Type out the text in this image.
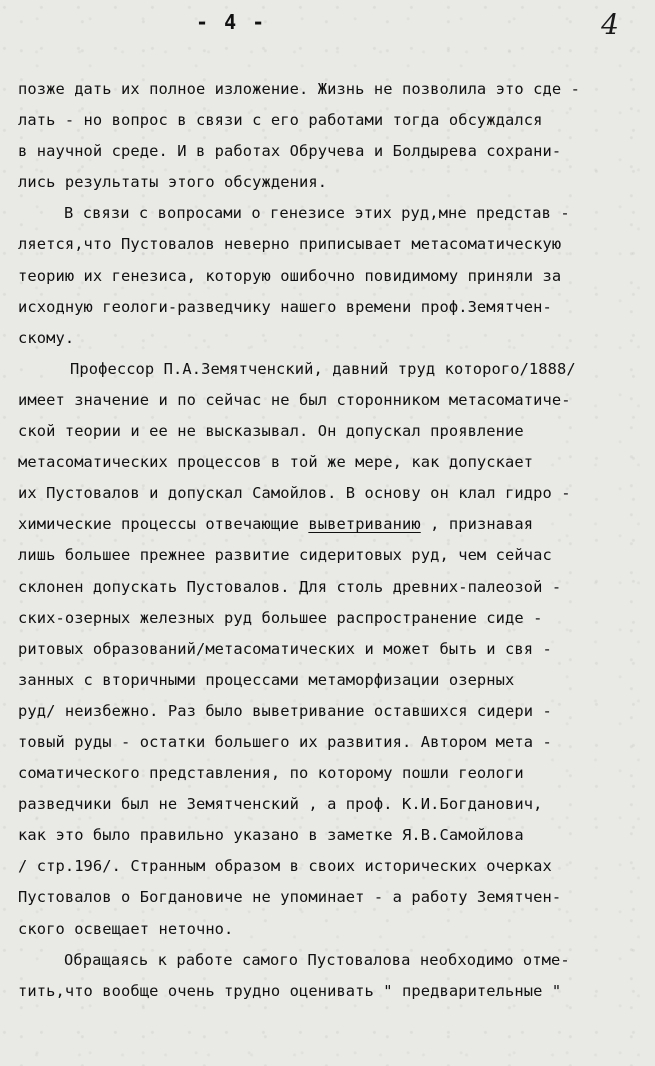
- 4 -	4
позже дать их полное изложение. Жизнь не позволила это сде -
лать - но вопрос в связи с его работами тогда обсуждался
в научной среде. И в работах Обручева и Болдырева сохрани-
лись результаты этого обсуждения.
В связи с вопросами о генезисе этих руд,мне представ -
ляется,что Пустовалов неверно приписывает метасоматическую
теорию их генезиса, которую ошибочно повидимому приняли за
исходную геологи-разведчику нашего времени проф.Земятчен-
скому.
Профессор П.А.Земятченский, давний труд которого/1888/
имеет значение и по сейчас не был сторонником метасоматиче-
ской теории и ее не высказывал. Он допускал проявление
метасоматических процессов в той же мере, как допускает
их Пустовалов и допускал Самойлов. В основу он клал гидро -
химические процессы отвечающие выветриванию , признавая
лишь большее прежнее развитие сидеритовых руд, чем сейчас
склонен допускать Пустовалов. Для столь древних-палеозой -
ских-озерных железных руд большее распространение сиде -
ритовых образований/метасоматических и может быть и свя -
занных с вторичными процессами метаморфизации озерных
руд/ неизбежно. Раз было выветривание оставшихся сидери -
товый руды - остатки большего их развития. Автором мета -
соматического представления, по которому пошли геологи
разведчики был не Земятченский , а проф. К.И.Богданович,
как это было правильно указано в заметке Я.В.Самойлова
/ стр.196/. Странным образом в своих исторических очерках
Пустовалов о Богдановиче не упоминает - а работу Земятчен-
ского освещает неточно.
Обращаясь к работе самого Пустовалова необходимо отме-
тить,что вообще очень трудно оценивать " предварительные "
